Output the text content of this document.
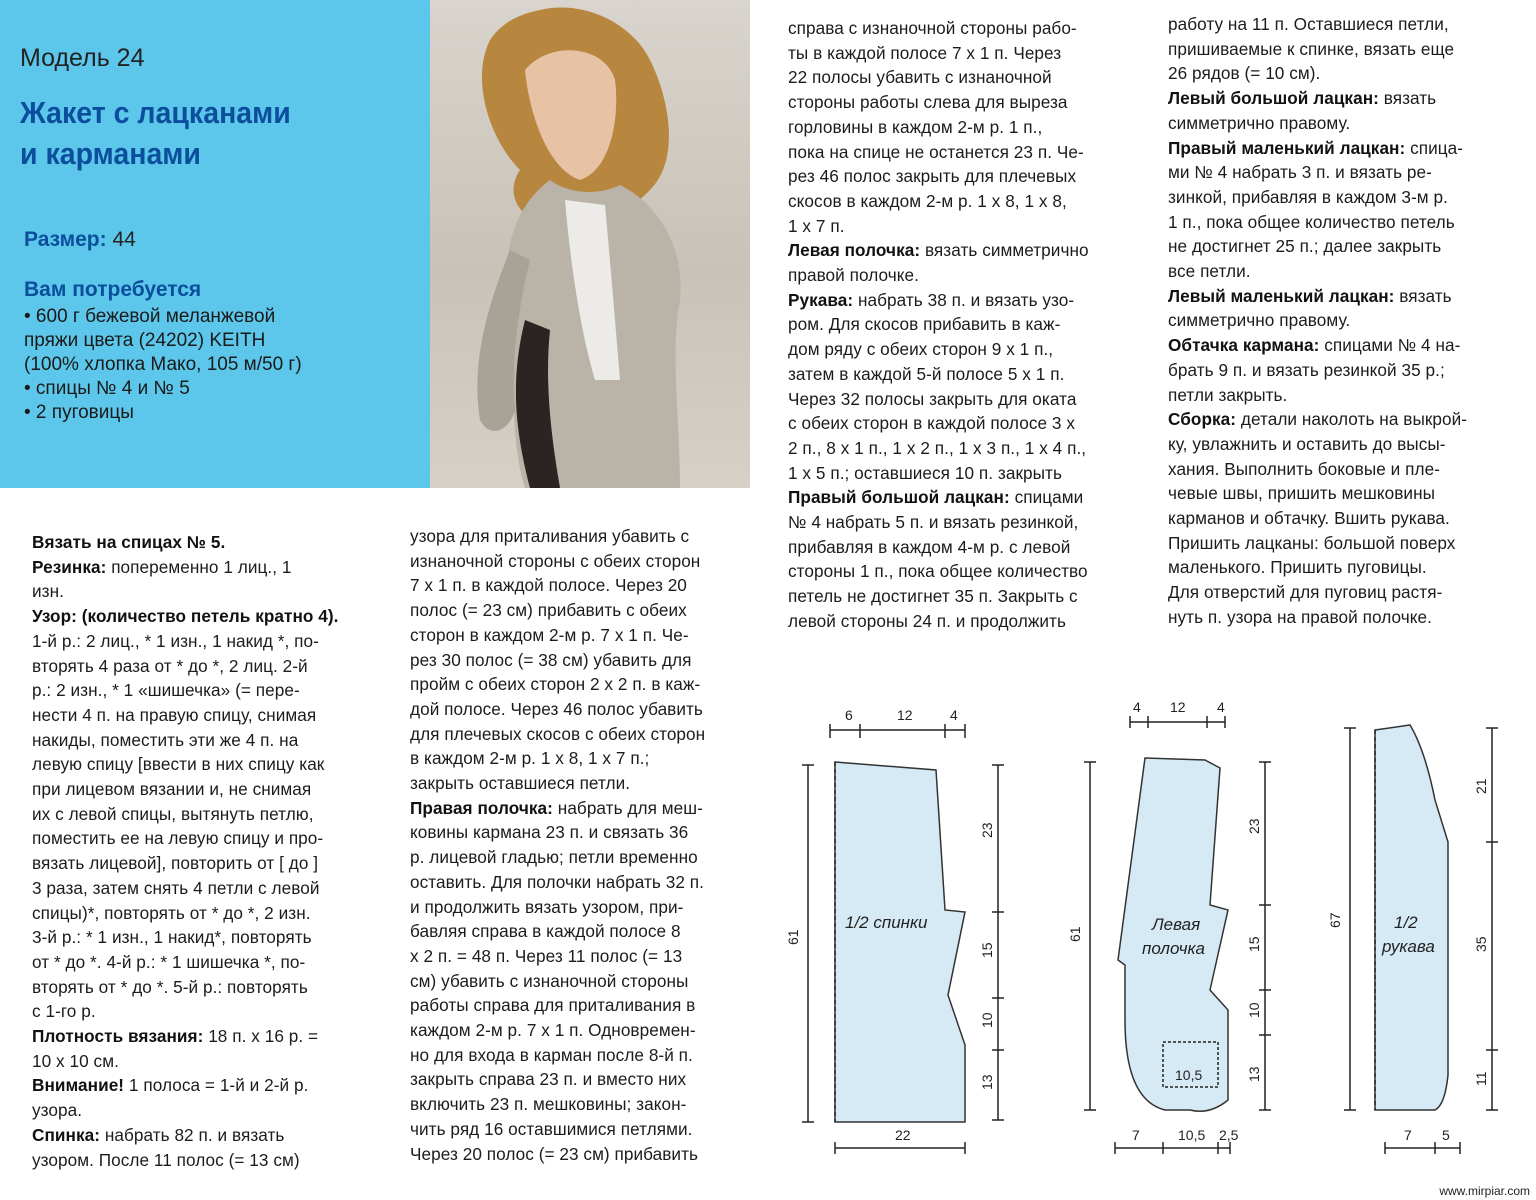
Модель 24
Жакет с лацканами
и карманами
Размер: 44
Вам потребуется
• 600 г бежевой меланжевой
пряжи цвета (24202) KEITH
(100% хлопка Мако, 105 м/50 г)
• спицы № 4 и № 5
• 2 пуговицы
Вязать на спицах № 5.
Резинка: попеременно 1 лиц., 1
изн.
Узор: (количество петель кратно 4).
1-й р.: 2 лиц., * 1 изн., 1 накид *, по-
вторять 4 раза от * до *, 2 лиц. 2-й
р.: 2 изн., * 1 «шишечка» (= пере-
нести 4 п. на правую спицу, снимая
накиды, поместить эти же 4 п. на
левую спицу [ввести в них спицу как
при лицевом вязании и, не снимая
их с левой спицы, вытянуть петлю,
поместить ее на левую спицу и про-
вязать лицевой], повторить от [ до ]
3 раза, затем снять 4 петли с левой
спицы)*, повторять от * до *, 2 изн.
3-й р.: * 1 изн., 1 накид*, повторять
от * до *. 4-й р.: * 1 шишечка *, по-
вторять от * до *. 5-й р.: повторять
с 1-го р.
Плотность вязания: 18 п. х 16 р. =
10 х 10 см.
Внимание! 1 полоса = 1-й и 2-й р.
узора.
Спинка: набрать 82 п. и вязать
узором. После 11 полос (= 13 см)
узора для приталивания убавить с
изнаночной стороны с обеих сторон
7 х 1 п. в каждой полосе. Через 20
полос (= 23 см) прибавить с обеих
сторон в каждом 2-м р. 7 х 1 п. Че-
рез 30 полос (= 38 см) убавить для
пройм с обеих сторон 2 х 2 п. в каж-
дой полосе. Через 46 полос убавить
для плечевых скосов с обеих сторон
в каждом 2-м р. 1 х 8, 1 х 7 п.;
закрыть оставшиеся петли.
Правая полочка: набрать для меш-
ковины кармана 23 п. и связать 36
р. лицевой гладью; петли временно
оставить. Для полочки набрать 32 п.
и продолжить вязать узором, при-
бавляя справа в каждой полосе 8
х 2 п. = 48 п. Через 11 полос (= 13
см) убавить с изнаночной стороны
работы справа для приталивания в
каждом 2-м р. 7 х 1 п. Одновремен-
но для входа в карман после 8-й п.
закрыть справа 23 п. и вместо них
включить 23 п. мешковины; закон-
чить ряд 16 оставшимися петлями.
Через 20 полос (= 23 см) прибавить
справа с изнаночной стороны рабо-
ты в каждой полосе 7 х 1 п. Через
22 полосы убавить с изнаночной
стороны работы слева для выреза
горловины в каждом 2-м р. 1 п.,
пока на спице не останется 23 п. Че-
рез 46 полос закрыть для плечевых
скосов в каждом 2-м р. 1 х 8, 1 х 8,
1 х 7 п.
Левая полочка: вязать симметрично
правой полочке.
Рукава: набрать 38 п. и вязать узо-
ром. Для скосов прибавить в каж-
дом ряду с обеих сторон 9 х 1 п.,
затем в каждой 5-й полосе 5 х 1 п.
Через 32 полосы закрыть для оката
с обеих сторон в каждой полосе 3 х
2 п., 8 х 1 п., 1 х 2 п., 1 х 3 п., 1 х 4 п.,
1 х 5 п.; оставшиеся 10 п. закрыть
Правый большой лацкан: спицами
№ 4 набрать 5 п. и вязать резинкой,
прибавляя в каждом 4-м р. с левой
стороны 1 п., пока общее количество
петель не достигнет 35 п. Закрыть с
левой стороны 24 п. и продолжить
работу на 11 п. Оставшиеся петли,
пришиваемые к спинке, вязать еще
26 рядов (= 10 см).
Левый большой лацкан: вязать
симметрично правому.
Правый маленький лацкан: спица-
ми № 4 набрать 3 п. и вязать ре-
зинкой, прибавляя в каждом 3-м р.
1 п., пока общее количество петель
не достигнет 25 п.; далее закрыть
все петли.
Левый маленький лацкан: вязать
симметрично правому.
Обтачка кармана: спицами № 4 на-
брать 9 п. и вязать резинкой 35 р.;
петли закрыть.
Сборка: детали наколоть на выкрой-
ку, увлажнить и оставить до высы-
хания. Выполнить боковые и пле-
чевые швы, пришить мешковины
карманов и обтачку. Вшить рукава.
Пришить лацканы: большой поверх
маленького. Пришить пуговицы.
Для отверстий для пуговиц растя-
нуть п. узора на правой полочке.
6	12	4
1/2 спинки
61
23
15
10
13
22
4 12 4
Левая
полочка
61
23
15
10
13
10,5
7	10,5 2,5
1/2
рукава
67
21
35
11
7 5
www.mirpiar.com
